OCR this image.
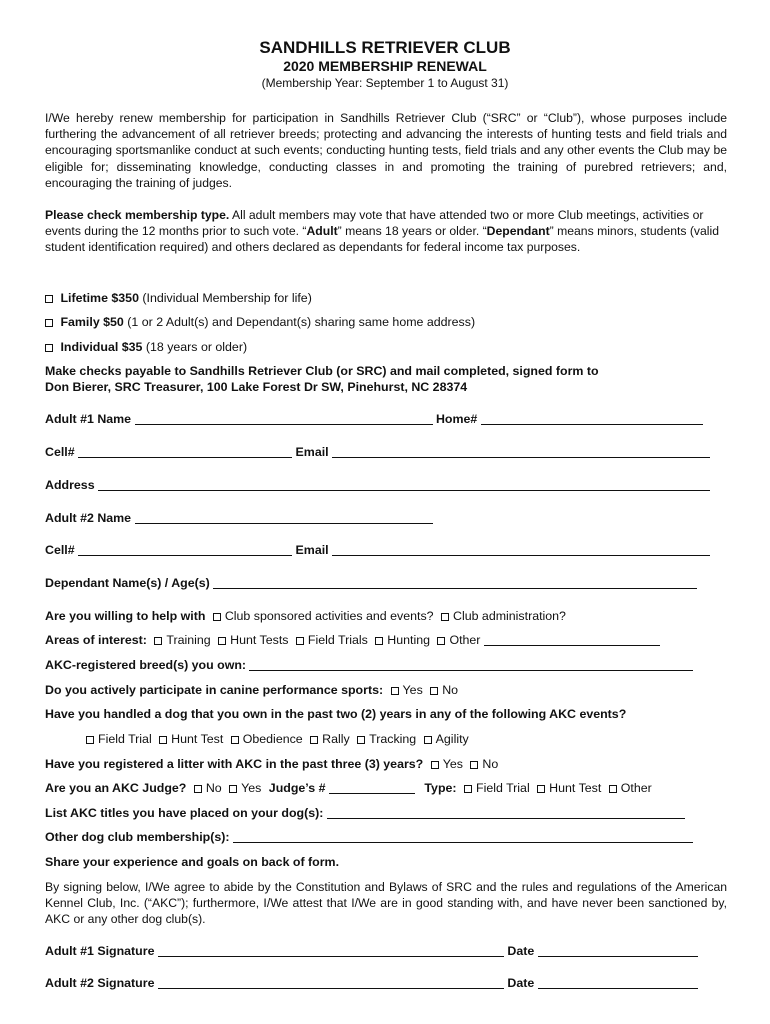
SANDHILLS RETRIEVER CLUB
2020 MEMBERSHIP RENEWAL
(Membership Year: September 1 to August 31)

I/We hereby renew membership for participation in Sandhills Retriever Club (“SRC” or “Club”), whose purposes include furthering the advancement of all retriever breeds; protecting and advancing the interests of hunting tests and field trials and encouraging sportsmanlike conduct at such events; conducting hunting tests, field trials and any other events the Club may be eligible for; disseminating knowledge, conducting classes in and promoting the training of purebred retrievers; and, encouraging the training of judges.

Please check membership type. All adult members may vote that have attended two or more Club meetings, activities or events during the 12 months prior to such vote. “Adult” means 18 years or older. “Dependant” means minors, students (valid student identification required) and others declared as dependants for federal income tax purposes.

Lifetime $350 (Individual Membership for life)
Family $50 (1 or 2 Adult(s) and Dependant(s) sharing same home address)
Individual $35 (18 years or older)
Make checks payable to Sandhills Retriever Club (or SRC) and mail completed, signed form to
Don Bierer, SRC Treasurer, 100 Lake Forest Dr SW, Pinehurst, NC 28374
Adult #1 Name	Home#
Cell#	Email
Address
Adult #2 Name
Cell#	Email
Dependant Name(s) / Age(s)
Are you willing to help with Club sponsored activities and events? Club administration?
Areas of interest: Training Hunt Tests Field Trials Hunting Other
AKC-registered breed(s) you own:
Do you actively participate in canine performance sports: Yes No
Have you handled a dog that you own in the past two (2) years in any of the following AKC events?
Field Trial Hunt Test Obedience Rally Tracking Agility
Have you registered a litter with AKC in the past three (3) years? Yes No
Are you an AKC Judge? No Yes Judge’s #	Type: Field Trial Hunt Test Other
List AKC titles you have placed on your dog(s):
Other dog club membership(s):
Share your experience and goals on back of form.

By signing below, I/We agree to abide by the Constitution and Bylaws of SRC and the rules and regulations of the American Kennel Club, Inc. (“AKC”); furthermore, I/We attest that I/We are in good standing with, and have never been sanctioned by, AKC or any other dog club(s).

Adult #1 Signature	Date
Adult #2 Signature	Date
